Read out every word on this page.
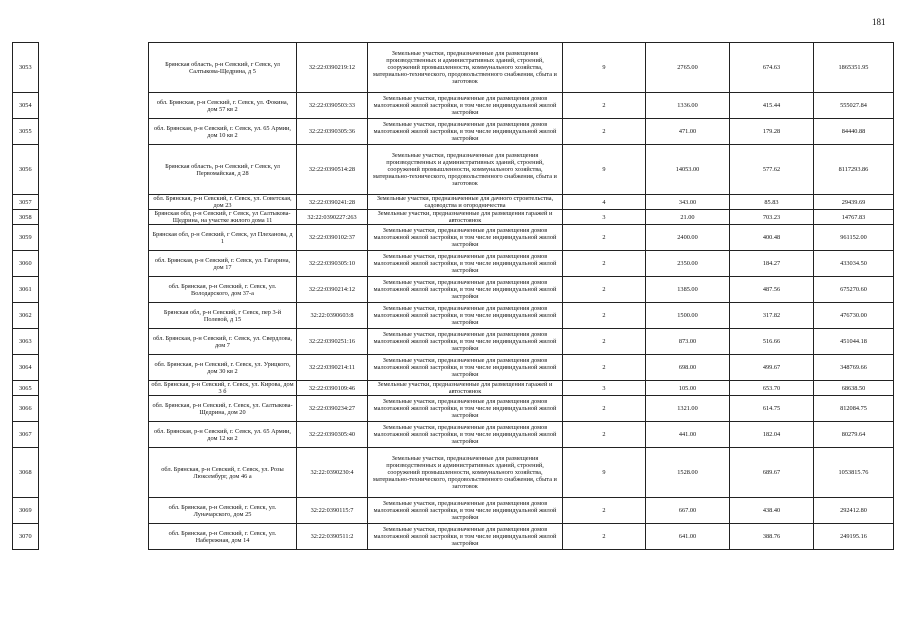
181
3053		Брянская область, р-н Севский, г Севск, ул Салтыкова-Щедрина, д 5	32:22:0390219:12	Земельные участки, предназначенные для размещения производственных и административных зданий, строений, сооружений промышленности, коммунального хозяйства, материально-технического, продовольственного снабжения, сбыта и заготовок	9	2765.00	674.63	1865351.95
3054		обл. Брянская, р-н Севский, г. Севск, ул. Фокина, дом 57 кв 2	32:22:0390503:33	Земельные участки, предназначенные для размещения домов малоэтажной жилой застройки, в том числе индивидуальной жилой застройки	2	1336.00	415.44	555027.84
3055		обл. Брянская, р-н Севский, г. Севск, ул. 65 Армии, дом 10 кв 2	32:22:0390305:36	Земельные участки, предназначенные для размещения домов малоэтажной жилой застройки, в том числе индивидуальной жилой застройки	2	471.00	179.28	84440.88
3056		Брянская область, р-н Севский, г Севск, ул Первомайская, д 28	32:22:0390514:28	Земельные участки, предназначенные для размещения производственных и административных зданий, строений, сооружений промышленности, коммунального хозяйства, материально-технического, продовольственного снабжения, сбыта и заготовок	9	14053.00	577.62	8117293.86
3057		обл. Брянская, р-н Севский, г. Севск, ул. Советская, дом 23	32:22:0390241:28	Земельные участки, предназначенные для дачного строительства, садоводства и огородничества	4	343.00	85.83	29439.69
3058		Брянская обл, р-н Севский, г Севск, ул Салтыкова-Щедрина, на участке жилого дома 11	32:22:0390227:263	Земельные участки, предназначенные для размещения гаражей и автостоянок	3	21.00	703.23	14767.83
3059		Брянская обл, р-н Севский, г Севск, ул Плеханова, д 1	32:22:0390102:37	Земельные участки, предназначенные для размещения домов малоэтажной жилой застройки, в том числе индивидуальной жилой застройки	2	2400.00	400.48	961152.00
3060		обл. Брянская, р-н Севский, г. Севск, ул. Гагарина, дом 17	32:22:0390305:10	Земельные участки, предназначенные для размещения домов малоэтажной жилой застройки, в том числе индивидуальной жилой застройки	2	2350.00	184.27	433034.50
3061		обл. Брянская, р-н Севский, г. Севск, ул. Володарского, дом 37-а	32:22:0390214:12	Земельные участки, предназначенные для размещения домов малоэтажной жилой застройки, в том числе индивидуальной жилой застройки	2	1385.00	487.56	675270.60
3062		Брянская обл, р-н Севский, г Севск, пер 3-й Полевой, д 15	32:22:0390603:8	Земельные участки, предназначенные для размещения домов малоэтажной жилой застройки, в том числе индивидуальной жилой застройки	2	1500.00	317.82	476730.00
3063		обл. Брянская, р-н Севский, г. Севск, ул. Свердлова, дом 7	32:22:0390251:16	Земельные участки, предназначенные для размещения домов малоэтажной жилой застройки, в том числе индивидуальной жилой застройки	2	873.00	516.66	451044.18
3064		обл. Брянская, р-н Севский, г. Севск, ул. Урицкого, дом 30 кв 2	32:22:0390214:11	Земельные участки, предназначенные для размещения домов малоэтажной жилой застройки, в том числе индивидуальной жилой застройки	2	698.00	499.67	348769.66
3065		обл. Брянская, р-н Севский, г. Севск, ул. Кирова, дом 3 б	32:22:0390109:46	Земельные участки, предназначенные для размещения гаражей и автостоянок	3	105.00	653.70	68638.50
3066		обл. Брянская, р-н Севский, г. Севск, ул. Салтыкова-Щедрина, дом 20	32:22:0390234:27	Земельные участки, предназначенные для размещения домов малоэтажной жилой застройки, в том числе индивидуальной жилой застройки	2	1321.00	614.75	812084.75
3067		обл. Брянская, р-н Севский, г. Севск, ул. 65 Армии, дом 12 кв 2	32:22:0390305:40	Земельные участки, предназначенные для размещения домов малоэтажной жилой застройки, в том числе индивидуальной жилой застройки	2	441.00	182.04	80279.64
3068		обл. Брянская, р-н Севский, г. Севск, ул. Розы Люксембург, дом 46 а	32:22:0390230:4	Земельные участки, предназначенные для размещения производственных и административных зданий, строений, сооружений промышленности, коммунального хозяйства, материально-технического, продовольственного снабжения, сбыта и заготовок	9	1528.00	689.67	1053815.76
3069		обл. Брянская, р-н Севский, г. Севск, ул. Луначарского, дом 25	32:22:0390115:7	Земельные участки, предназначенные для размещения домов малоэтажной жилой застройки, в том числе индивидуальной жилой застройки	2	667.00	438.40	292412.80
3070		обл. Брянская, р-н Севский, г. Севск, ул. Набережная, дом 14	32:22:0390511:2	Земельные участки, предназначенные для размещения домов малоэтажной жилой застройки, в том числе индивидуальной жилой застройки	2	641.00	388.76	249195.16
